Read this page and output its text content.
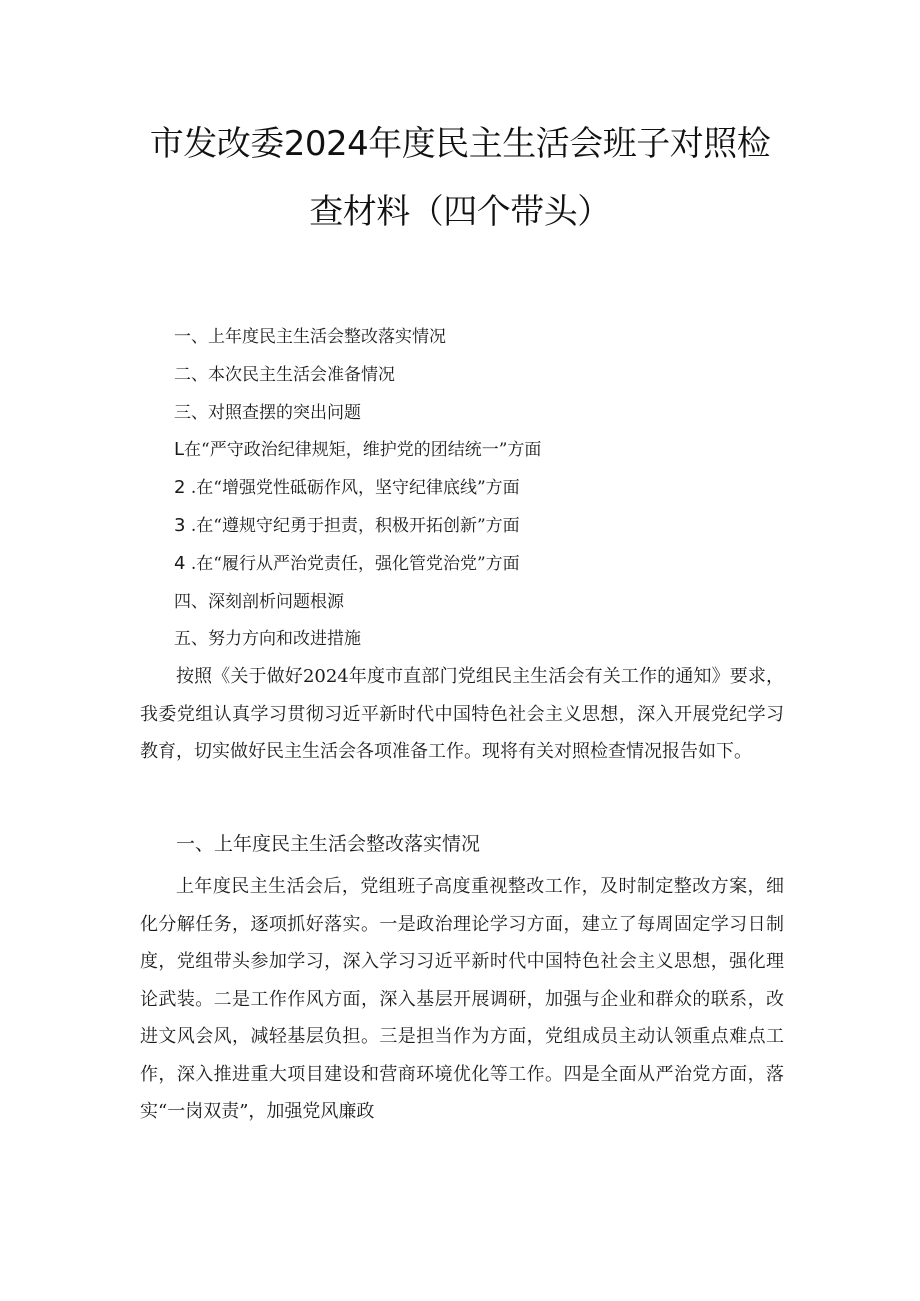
市发改委2024年度民主生活会班子对照检
查材料（四个带头）
一、上年度民主生活会整改落实情况
二、本次民主生活会准备情况
三、对照查摆的突出问题
L在“严守政治纪律规矩，维护党的团结统一”方面
2 .在“增强党性砥砺作风，坚守纪律底线”方面
3 .在“遵规守纪勇于担责，积极开拓创新”方面
4 .在“履行从严治党责任，强化管党治党”方面
四、深刻剖析问题根源
五、努力方向和改进措施

按照《关于做好2024年度市直部门党组民主生活会有关工作的通知》要求，我委党组认真学习贯彻习近平新时代中国特色社会主义思想，深入开展党纪学习教育，切实做好民主生活会各项准备工作。现将有关对照检查情况报告如下。

一、上年度民主生活会整改落实情况

上年度民主生活会后，党组班子高度重视整改工作，及时制定整改方案，细化分解任务，逐项抓好落实。一是政治理论学习方面，建立了每周固定学习日制度，党组带头参加学习，深入学习习近平新时代中国特色社会主义思想，强化理论武装。二是工作作风方面，深入基层开展调研，加强与企业和群众的联系，改进文风会风，减轻基层负担。三是担当作为方面，党组成员主动认领重点难点工作，深入推进重大项目建设和营商环境优化等工作。四是全面从严治党方面，落实“一岗双责”，加强党风廉政
